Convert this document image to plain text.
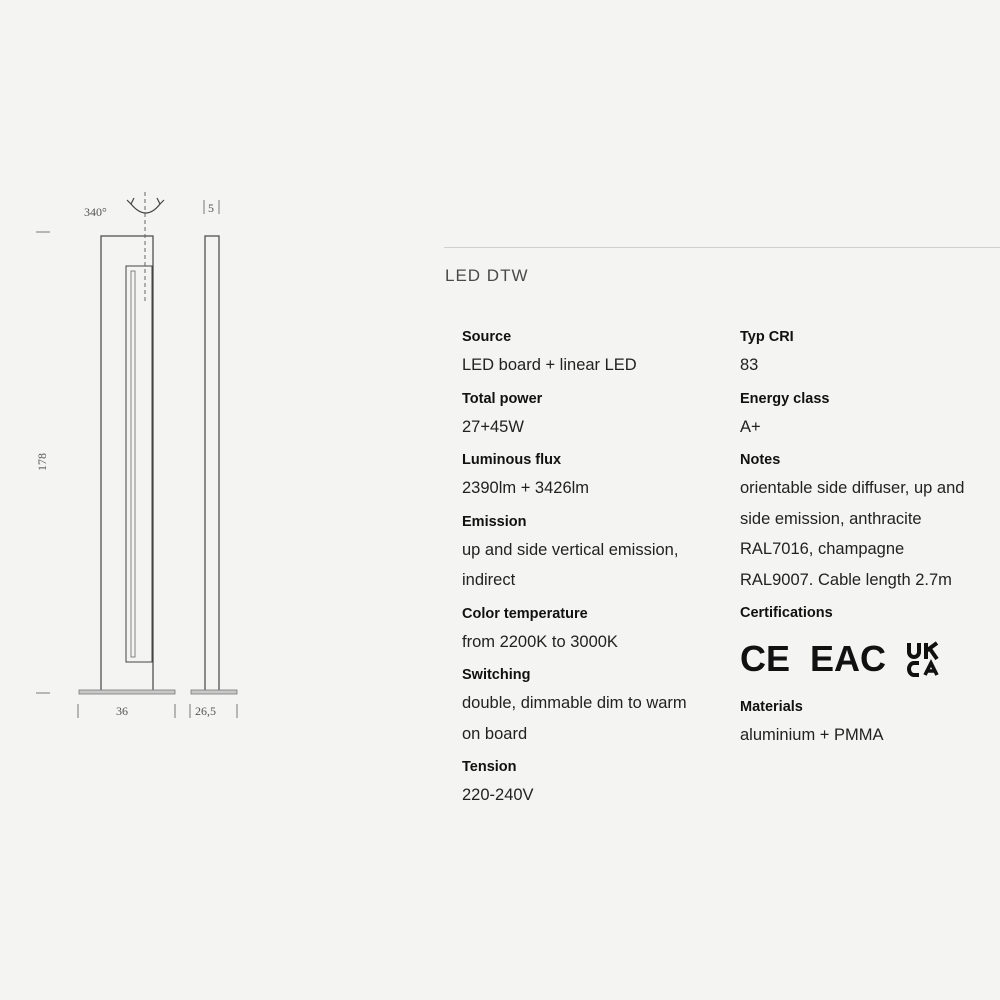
178
340°	5
36	26,5
LED DTW
Source
LED board + linear LED
Total power
27+45W
Luminous flux
2390lm + 3426lm
Emission
up and side vertical emission,
indirect
Color temperature
from 2200K to 3000K
Switching
double, dimmable dim to warm
on board
Tension
220-240V
Typ CRI
83
Energy class
A+
Notes
orientable side diffuser, up and
side emission, anthracite
RAL7016, champagne
RAL9007. Cable length 2.7m
Certifications
CE EAC
Materials
aluminium + PMMA
